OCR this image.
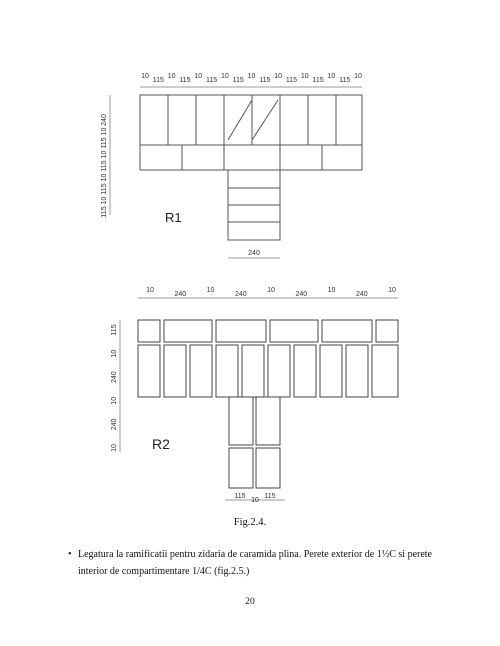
10
115
10
115
10
115
10
115
10
115
10
115
10
115
10
115
10
240
10
115
10
115
10
115
10
115
240
R1
10
240
10
240
10
240
10
240
10
115
10
240
10
240
10
115
10
115
R2
Fig.2.4.
• Legatura la ramificatii pentru zidaria de caramida plina. Perete exterior de 1½C si perete interior de compartimentare 1/4C (fig.2.5.)
20
